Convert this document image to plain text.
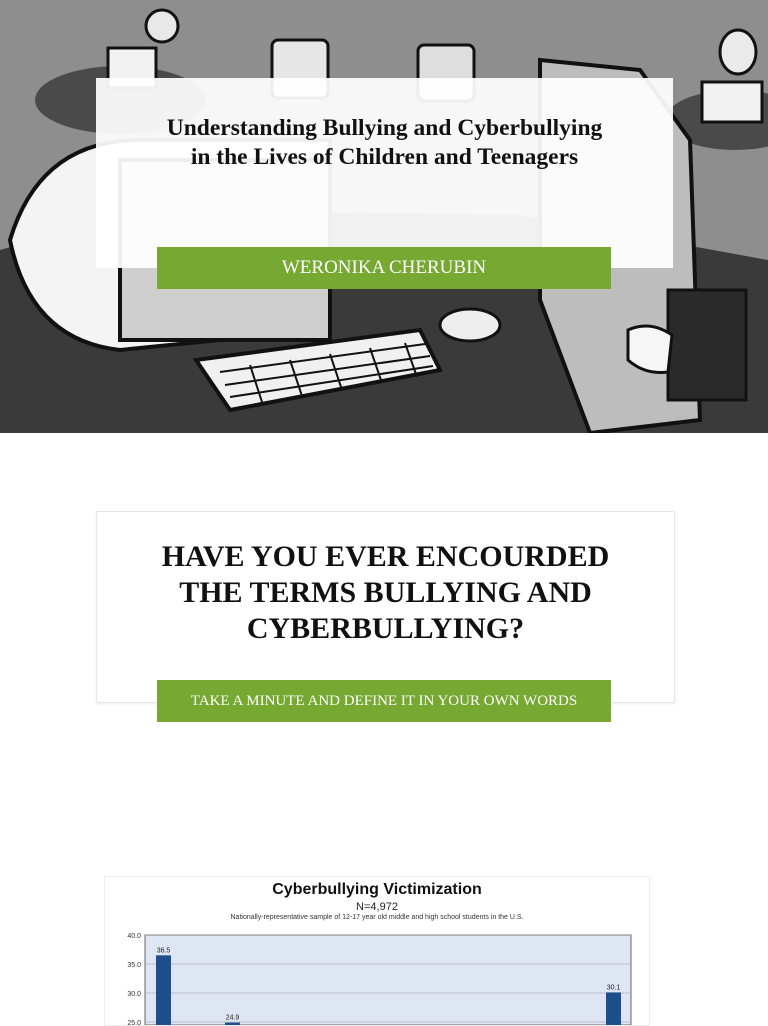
Understanding Bullying and Cyberbullying
in the Lives of Children and Teenagers
WERONIKA CHERUBIN
HAVE YOU EVER ENCOURDED
THE TERMS BULLYING AND
CYBERBULLYING?
TAKE A MINUTE AND DEFINE IT IN YOUR OWN WORDS
Cyberbullying Victimization
N=4,972
Nationally-representative sample of 12-17 year old middle and high school students in the U.S.
40.0
35.0
30.0
25.0
36.5
24.9
30.1
